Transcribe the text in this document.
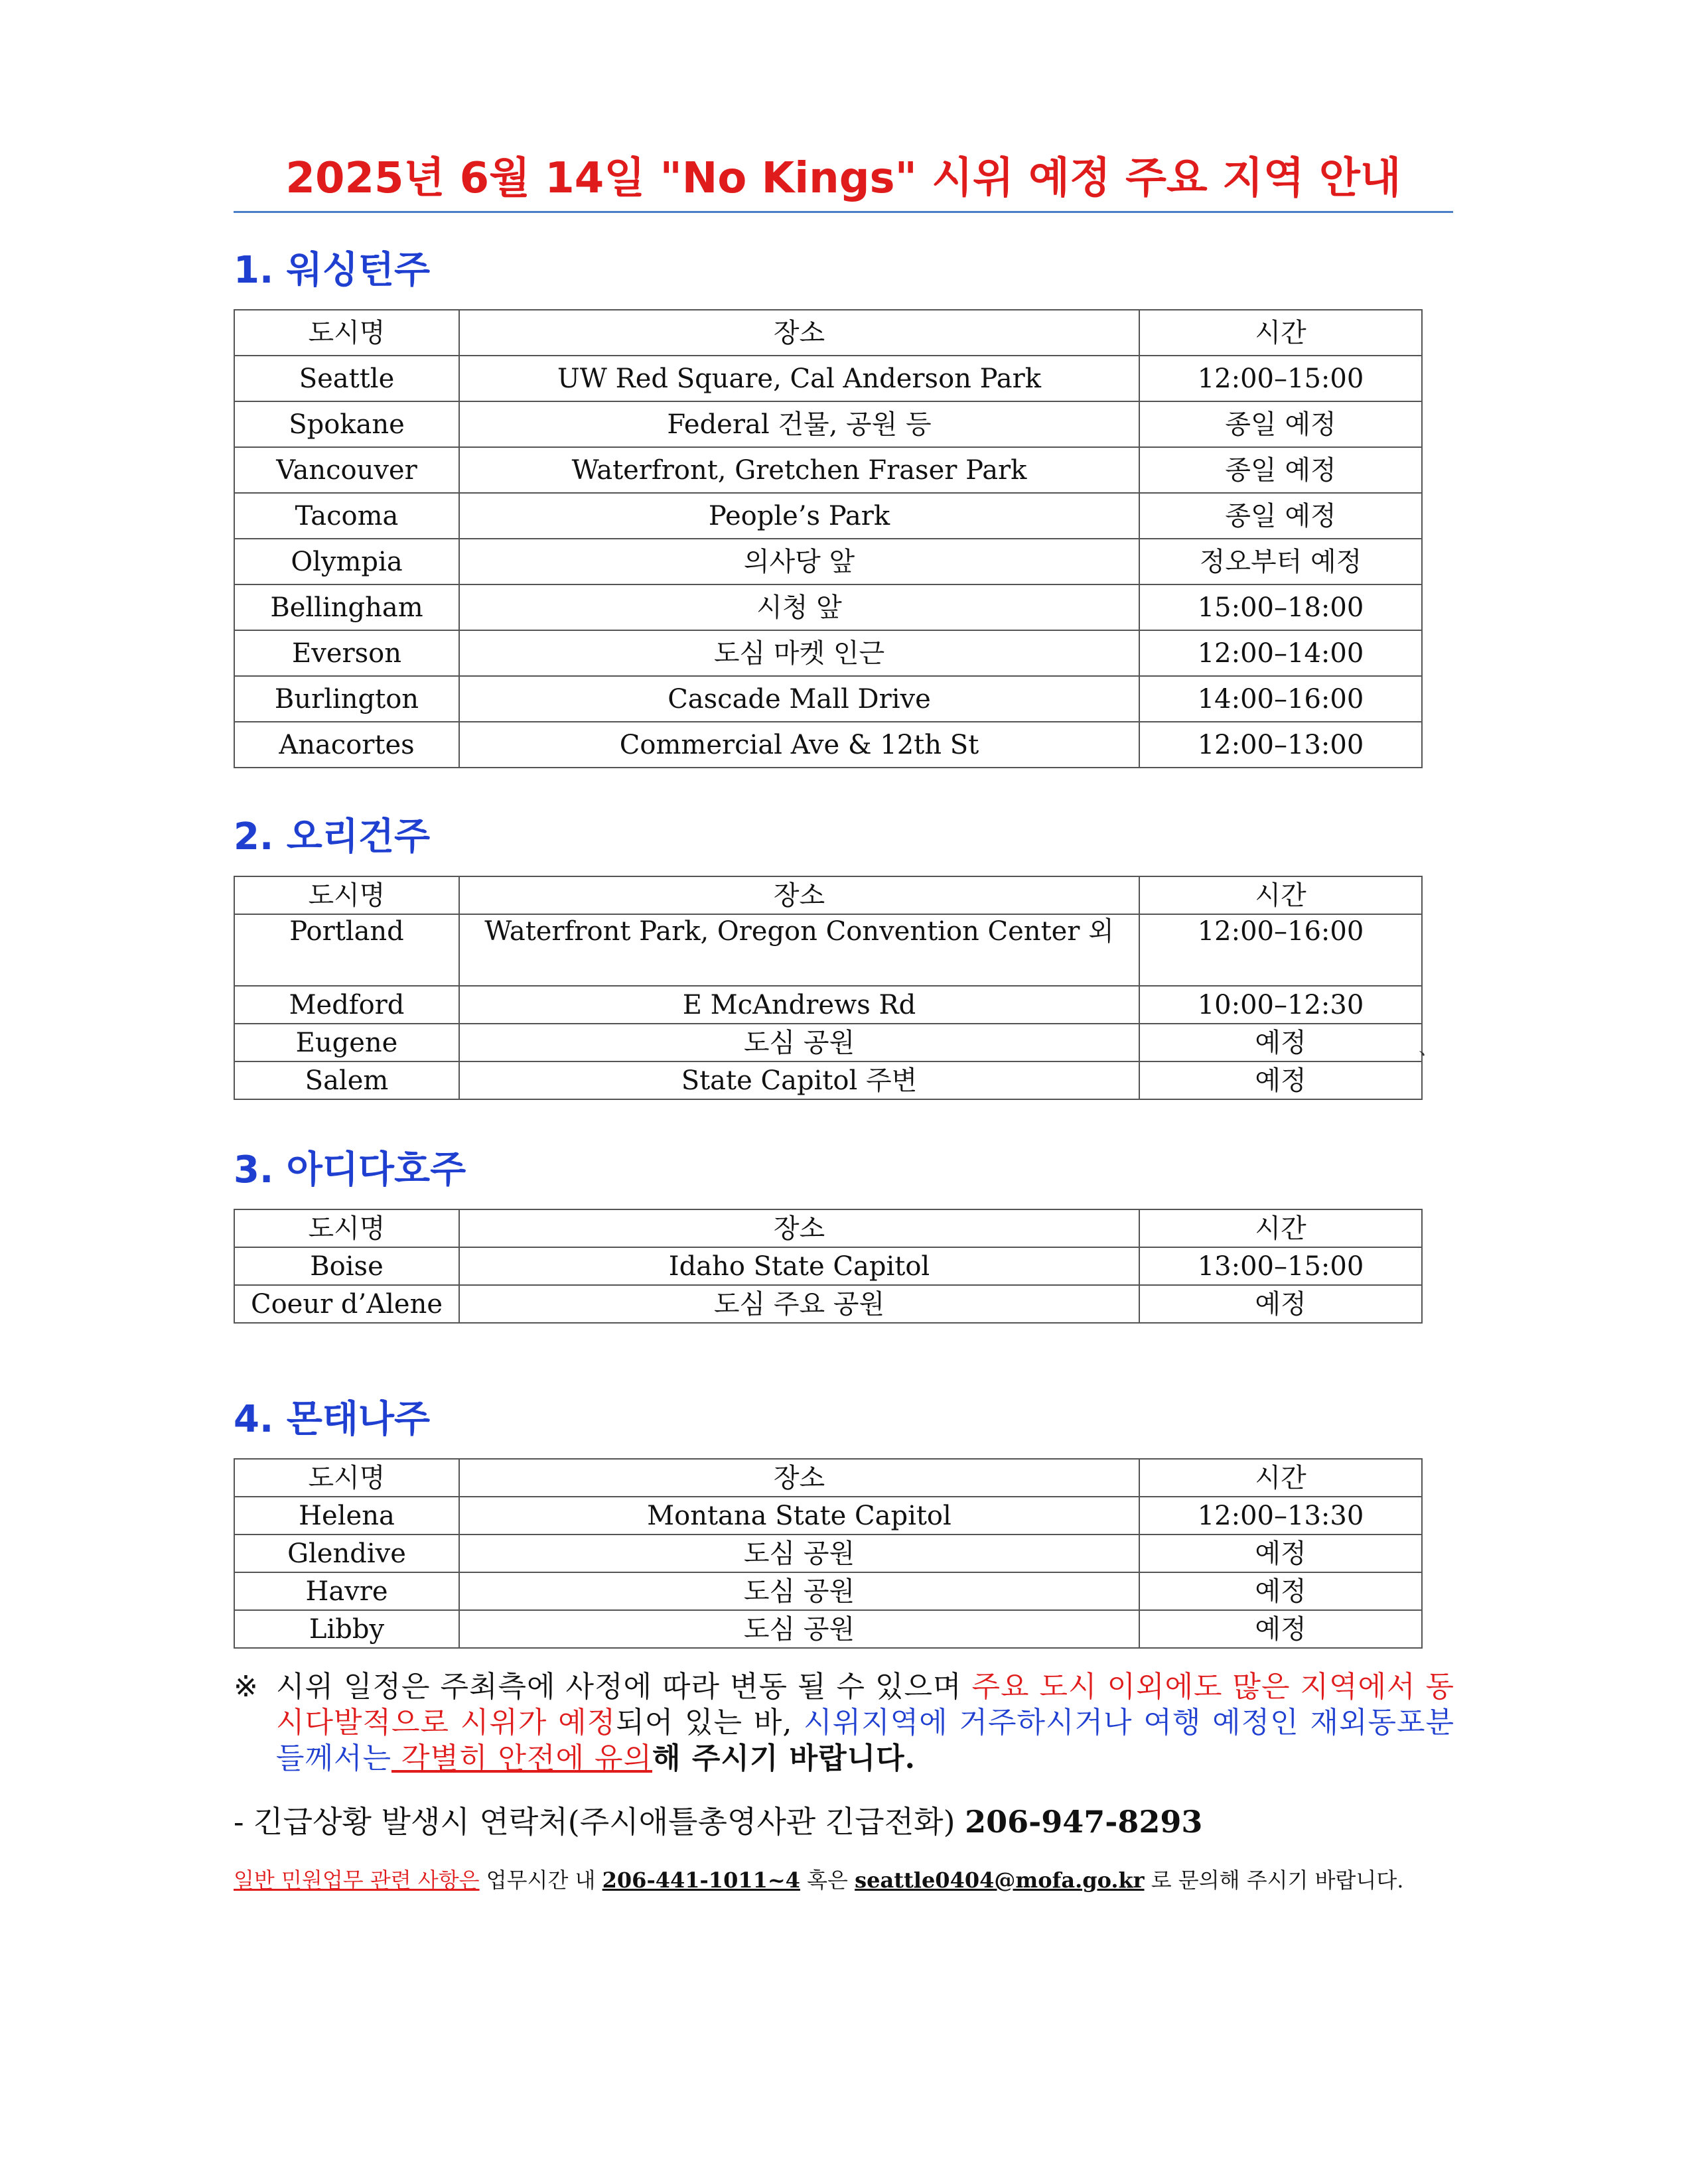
2025년 6월 14일 "No Kings" 시위 예정 주요 지역 안내
1. 워싱턴주
도시명	장소	시간
Seattle	UW Red Square, Cal Anderson Park	12:00–15:00
Spokane	Federal 건물, 공원 등	종일 예정
Vancouver	Waterfront, Gretchen Fraser Park	종일 예정
Tacoma	People’s Park	종일 예정
Olympia	의사당 앞	정오부터 예정
Bellingham	시청 앞	15:00–18:00
Everson	도심 마켓 인근	12:00–14:00
Burlington	Cascade Mall Drive	14:00–16:00
Anacortes	Commercial Ave & 12th St	12:00–13:00
2. 오리건주
도시명	장소	시간
Portland	Waterfront Park, Oregon Convention Center 외	12:00–16:00
Medford	E McAndrews Rd	10:00–12:30
Eugene	도심 공원	예정
Salem	State Capitol 주변	예정
、
3. 아디다호주
도시명	장소	시간
Boise	Idaho State Capitol	13:00–15:00
Coeur d’Alene	도심 주요 공원	예정
4. 몬태나주
도시명	장소	시간
Helena	Montana State Capitol	12:00–13:30
Glendive	도심 공원	예정
Havre	도심 공원	예정
Libby	도심 공원	예정
※ 시위 일정은 주최측에 사정에 따라 변동 될 수 있으며 주요 도시 이외에도 많은 지역에서 동시다발적으로 시위가 예정되어 있는 바, 시위지역에 거주하시거나 여행 예정인 재외동포분들께서는 각별히 안전에 유의해 주시기 바랍니다.
- 긴급상황 발생시 연락처(주시애틀총영사관 긴급전화) 206-947-8293
일반 민원업무 관련 사항은 업무시간 내 206-441-1011~4 혹은 seattle0404@mofa.go.kr 로 문의해 주시기 바랍니다.
